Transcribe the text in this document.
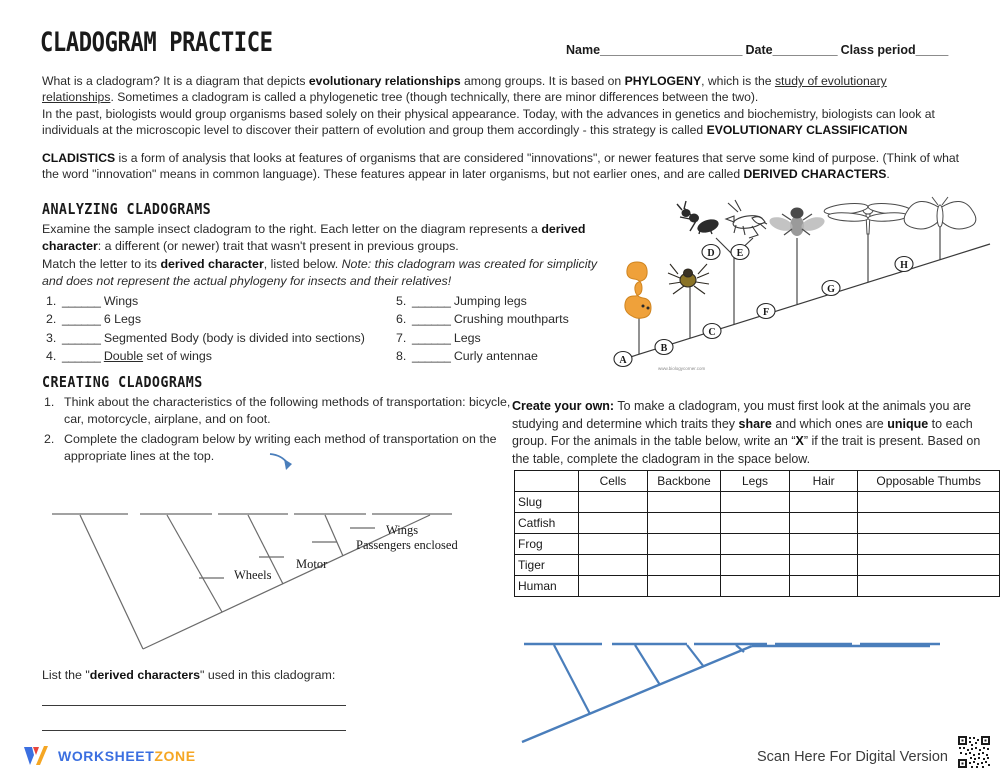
CLADOGRAM PRACTICE	Name______________________ Date__________ Class period_____
What is a cladogram? It is a diagram that depicts evolutionary relationships among groups. It is based on PHYLOGENY, which is the study of evolutionary relationships. Sometimes a cladogram is called a phylogenetic tree (though technically, there are minor differences between the two).
In the past, biologists would group organisms based solely on their physical appearance. Today, with the advances in genetics and biochemistry, biologists can look at individuals at the microscopic level to discover their pattern of evolution and group them accordingly - this strategy is called EVOLUTIONARY CLASSIFICATION
CLADISTICS is a form of analysis that looks at features of organisms that are considered "innovations", or newer features that serve some kind of purpose. (Think of what the word "innovation" means in common language). These features appear in later organisms, but not earlier ones, and are called DERIVED CHARACTERS.
ANALYZING CLADOGRAMS
Examine the sample insect cladogram to the right. Each letter on the diagram represents a derived character: a different (or newer) trait that wasn't present in previous groups.
Match the letter to its derived character, listed below. Note: this cladogram was created for simplicity and does not represent the actual phylogeny for insects and their relatives!
1. ______ Wings
2. ______ 6 Legs
3. ______ Segmented Body (body is divided into sections)
4. ______ Double set of wings
5. ______ Jumping legs
6. ______ Crushing mouthparts
7. ______ Legs
8. ______ Curly antennae	A
B
C
D E
F
G
H
www.biologycorner.com
CREATING CLADOGRAMS
1. Think about the characteristics of the following methods of transportation: bicycle, car, motorcycle, airplane, and on foot.
2. Complete the cladogram below by writing each method of transportation on the appropriate lines at the top.
Create your own: To make a cladogram, you must first look at the animals you are studying and determine which traits they share and which ones are unique to each group. For the animals in the table below, write an “X” if the trait is present. Based on the table, complete the cladogram in the space below.
	Cells	Backbone	Legs	Hair	Opposable Thumbs
Slug					
Catfish					
Frog					
Tiger					
Human					
Wheels
Motor
Passengers enclosed
Wings
List the "derived characters" used in this cladogram:
WORKSHEETZONE	Scan Here For Digital Version
